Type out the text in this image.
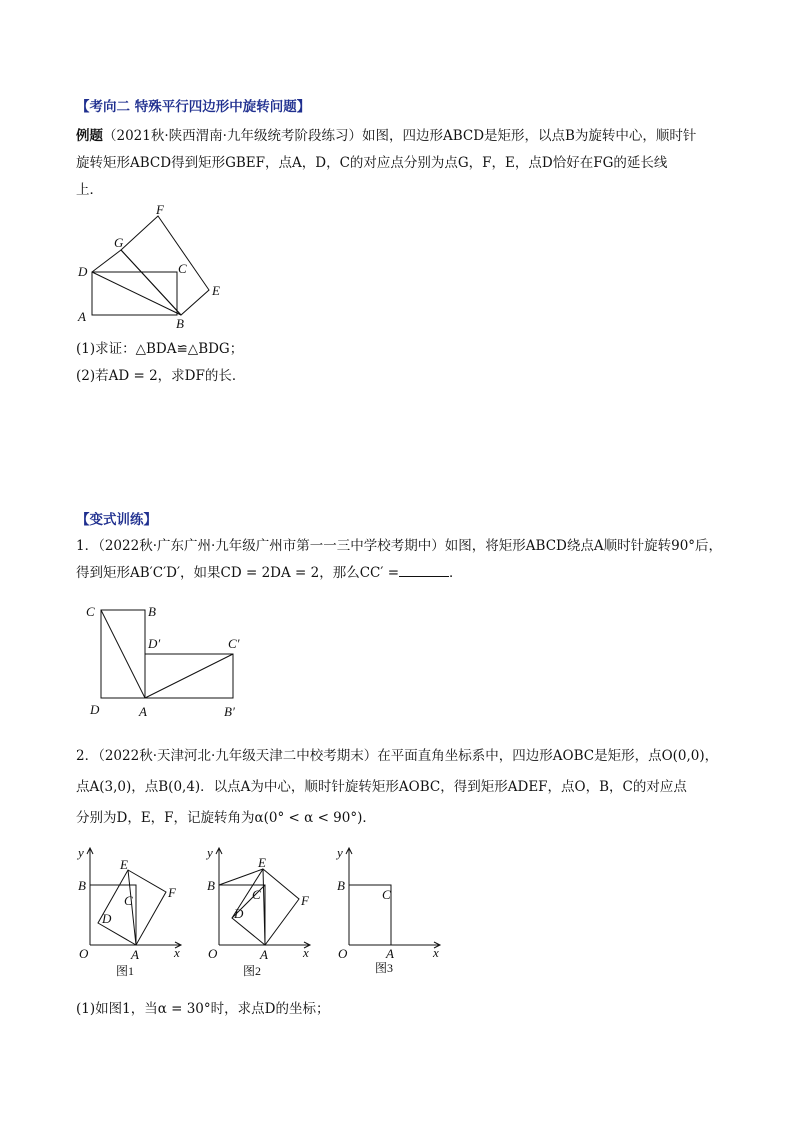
【考向二 特殊平行四边形中旋转问题】
例题（2021秋·陕西渭南·九年级统考阶段练习）如图，四边形ABCD是矩形，以点B为旋转中心，顺时针
旋转矩形ABCD得到矩形GBEF，点A，D，C的对应点分别为点G，F，E，点D恰好在FG的延长线
上．
F
G
D	C
E
A	B
(1)求证：△BDA≌△BDG；
(2)若AD = 2，求DF的长．
【变式训练】
1．（2022秋·广东广州·九年级广州市第一一三中学校考期中）如图，将矩形ABCD绕点A顺时针旋转90°后，
得到矩形AB′C′D′，如果CD = 2DA = 2，那么CC′ =	．
C	B
D′	C′
D	A	B′
2．（2022秋·天津河北·九年级天津二中校考期末）在平面直角坐标系中，四边形AOBC是矩形，点O(0,0)，
点A(3,0)，点B(0,4)．以点A为中心，顺时针旋转矩形AOBC，得到矩形ADEF，点O，B，C的对应点
分别为D，E，F，记旋转角为α(0° < α < 90°)．
y
x
O	A
B
C
D
E
F
图1
y
x
O	A
B
C
D
E
F
图2
y
x
O	A
B
C
图3
(1)如图1，当α = 30°时，求点D的坐标；
